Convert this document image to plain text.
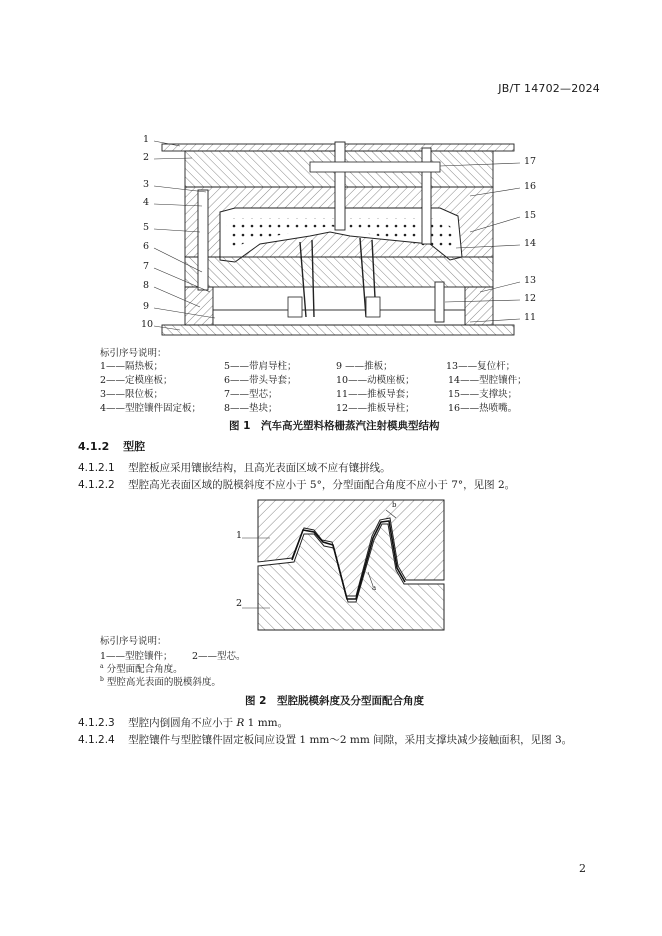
JB/T 14702—2024
1
2
3
4
5
6
7
8
9
10
17
16
15
14
13
12
11
标引序号说明：
1——隔热板；	5——带肩导柱；	9 ——推板；	13——复位杆；
2——定模座板；	6——带头导套；	10——动模座板；	14——型腔镶件；
3——限位板；	7——型芯；	11——推板导套；	15——支撑块；
4——型腔镶件固定板； 8——垫块；	12——推板导柱；	16——热喷嘴。
图 1　汽车高光塑料格栅蒸汽注射模典型结构
4.1.2 型腔
4.1.2.1 型腔板应采用镶嵌结构，且高光表面区域不应有镶拼线。
4.1.2.2 型腔高光表面区域的脱模斜度不应小于 5°，分型面配合角度不应小于 7°，见图 2。
1
2
b
a
标引序号说明：
1——型腔镶件； 2——型芯。
$^a$ 分型面配合角度。
$^b$ 型腔高光表面的脱模斜度。
图 2　型腔脱模斜度及分型面配合角度
4.1.2.3 型腔内倒圆角不应小于 R 1 mm。
4.1.2.4 型腔镶件与型腔镶件固定板间应设置 1 mm～2 mm 间隙，采用支撑块减少接触面积，见图 3。
2
